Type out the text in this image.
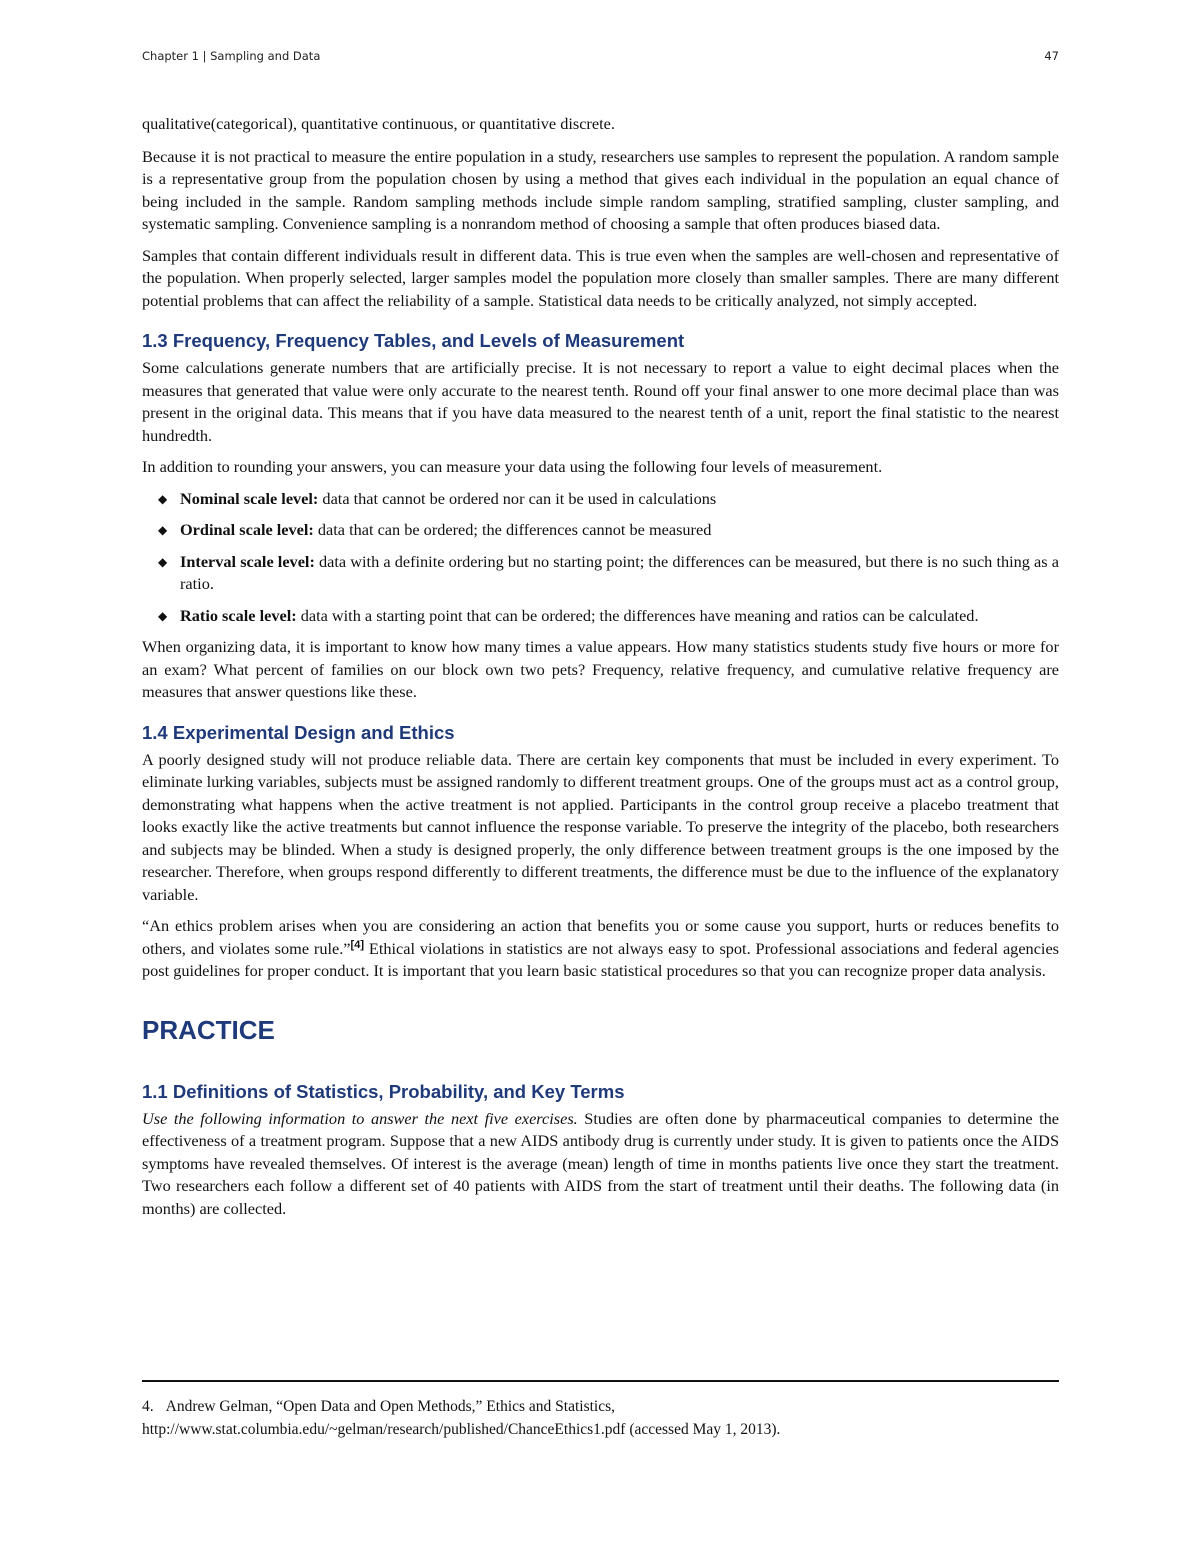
Chapter 1 | Sampling and Data	47

qualitative(categorical), quantitative continuous, or quantitative discrete.

Because it is not practical to measure the entire population in a study, researchers use samples to represent the population. A random sample is a representative group from the population chosen by using a method that gives each individual in the population an equal chance of being included in the sample. Random sampling methods include simple random sampling, stratified sampling, cluster sampling, and systematic sampling. Convenience sampling is a nonrandom method of choosing a sample that often produces biased data.

Samples that contain different individuals result in different data. This is true even when the samples are well-chosen and representative of the population. When properly selected, larger samples model the population more closely than smaller samples. There are many different potential problems that can affect the reliability of a sample. Statistical data needs to be critically analyzed, not simply accepted.

1.3 Frequency, Frequency Tables, and Levels of Measurement

Some calculations generate numbers that are artificially precise. It is not necessary to report a value to eight decimal places when the measures that generated that value were only accurate to the nearest tenth. Round off your final answer to one more decimal place than was present in the original data. This means that if you have data measured to the nearest tenth of a unit, report the final statistic to the nearest hundredth.

In addition to rounding your answers, you can measure your data using the following four levels of measurement.

◆ Nominal scale level: data that cannot be ordered nor can it be used in calculations
◆ Ordinal scale level: data that can be ordered; the differences cannot be measured
◆ Interval scale level: data with a definite ordering but no starting point; the differences can be measured, but there is no such thing as a ratio.
◆ Ratio scale level: data with a starting point that can be ordered; the differences have meaning and ratios can be calculated.

When organizing data, it is important to know how many times a value appears. How many statistics students study five hours or more for an exam? What percent of families on our block own two pets? Frequency, relative frequency, and cumulative relative frequency are measures that answer questions like these.

1.4 Experimental Design and Ethics

A poorly designed study will not produce reliable data. There are certain key components that must be included in every experiment. To eliminate lurking variables, subjects must be assigned randomly to different treatment groups. One of the groups must act as a control group, demonstrating what happens when the active treatment is not applied. Participants in the control group receive a placebo treatment that looks exactly like the active treatments but cannot influence the response variable. To preserve the integrity of the placebo, both researchers and subjects may be blinded. When a study is designed properly, the only difference between treatment groups is the one imposed by the researcher. Therefore, when groups respond differently to different treatments, the difference must be due to the influence of the explanatory variable.

“An ethics problem arises when you are considering an action that benefits you or some cause you support, hurts or reduces benefits to others, and violates some rule.”[4] Ethical violations in statistics are not always easy to spot. Professional associations and federal agencies post guidelines for proper conduct. It is important that you learn basic statistical procedures so that you can recognize proper data analysis.

PRACTICE
1.1 Definitions of Statistics, Probability, and Key Terms

Use the following information to answer the next five exercises. Studies are often done by pharmaceutical companies to determine the effectiveness of a treatment program. Suppose that a new AIDS antibody drug is currently under study. It is given to patients once the AIDS symptoms have revealed themselves. Of interest is the average (mean) length of time in months patients live once they start the treatment. Two researchers each follow a different set of 40 patients with AIDS from the start of treatment until their deaths. The following data (in months) are collected.

4. Andrew Gelman, “Open Data and Open Methods,” Ethics and Statistics, http://www.stat.columbia.edu/~gelman/research/published/ChanceEthics1.pdf (accessed May 1, 2013).
